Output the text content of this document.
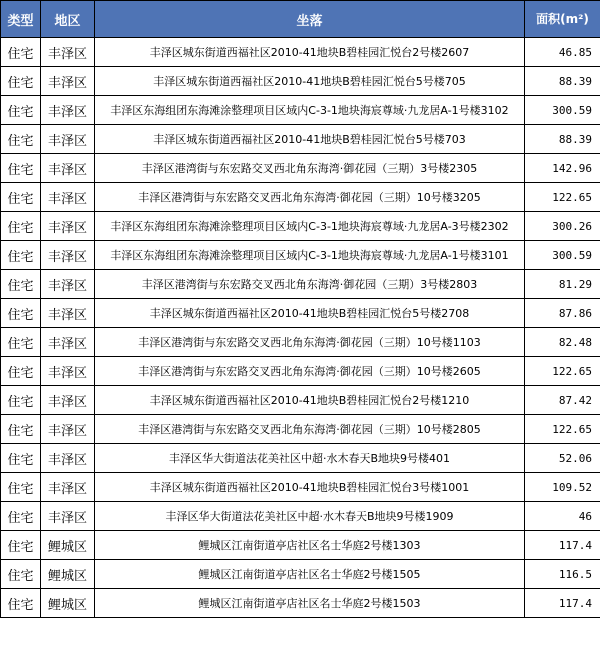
类型	地区	坐落	面积(m²)
住宅	丰泽区	丰泽区城东街道西福社区2010-41地块B碧桂园汇悦台2号楼2607	46.85
住宅	丰泽区	丰泽区城东街道西福社区2010-41地块B碧桂园汇悦台5号楼705	88.39
住宅	丰泽区	丰泽区东海组团东海滩涂整理项目区域内C-3-1地块海宸尊域·九龙居A-1号楼3102	300.59
住宅	丰泽区	丰泽区城东街道西福社区2010-41地块B碧桂园汇悦台5号楼703	88.39
住宅	丰泽区	丰泽区港湾街与东宏路交叉西北角东海湾·御花园（三期）3号楼2305	142.96
住宅	丰泽区	丰泽区港湾街与东宏路交叉西北角东海湾·御花园（三期）10号楼3205	122.65
住宅	丰泽区	丰泽区东海组团东海滩涂整理项目区域内C-3-1地块海宸尊域·九龙居A-3号楼2302	300.26
住宅	丰泽区	丰泽区东海组团东海滩涂整理项目区域内C-3-1地块海宸尊域·九龙居A-1号楼3101	300.59
住宅	丰泽区	丰泽区港湾街与东宏路交叉西北角东海湾·御花园（三期）3号楼2803	81.29
住宅	丰泽区	丰泽区城东街道西福社区2010-41地块B碧桂园汇悦台5号楼2708	87.86
住宅	丰泽区	丰泽区港湾街与东宏路交叉西北角东海湾·御花园（三期）10号楼1103	82.48
住宅	丰泽区	丰泽区港湾街与东宏路交叉西北角东海湾·御花园（三期）10号楼2605	122.65
住宅	丰泽区	丰泽区城东街道西福社区2010-41地块B碧桂园汇悦台2号楼1210	87.42
住宅	丰泽区	丰泽区港湾街与东宏路交叉西北角东海湾·御花园（三期）10号楼2805	122.65
住宅	丰泽区	丰泽区华大街道法花美社区中超·水木春天B地块9号楼401	52.06
住宅	丰泽区	丰泽区城东街道西福社区2010-41地块B碧桂园汇悦台3号楼1001	109.52
住宅	丰泽区	丰泽区华大街道法花美社区中超·水木春天B地块9号楼1909	46
住宅	鲤城区	鲤城区江南街道亭店社区名士华庭2号楼1303	117.4
住宅	鲤城区	鲤城区江南街道亭店社区名士华庭2号楼1505	116.5
住宅	鲤城区	鲤城区江南街道亭店社区名士华庭2号楼1503	117.4
